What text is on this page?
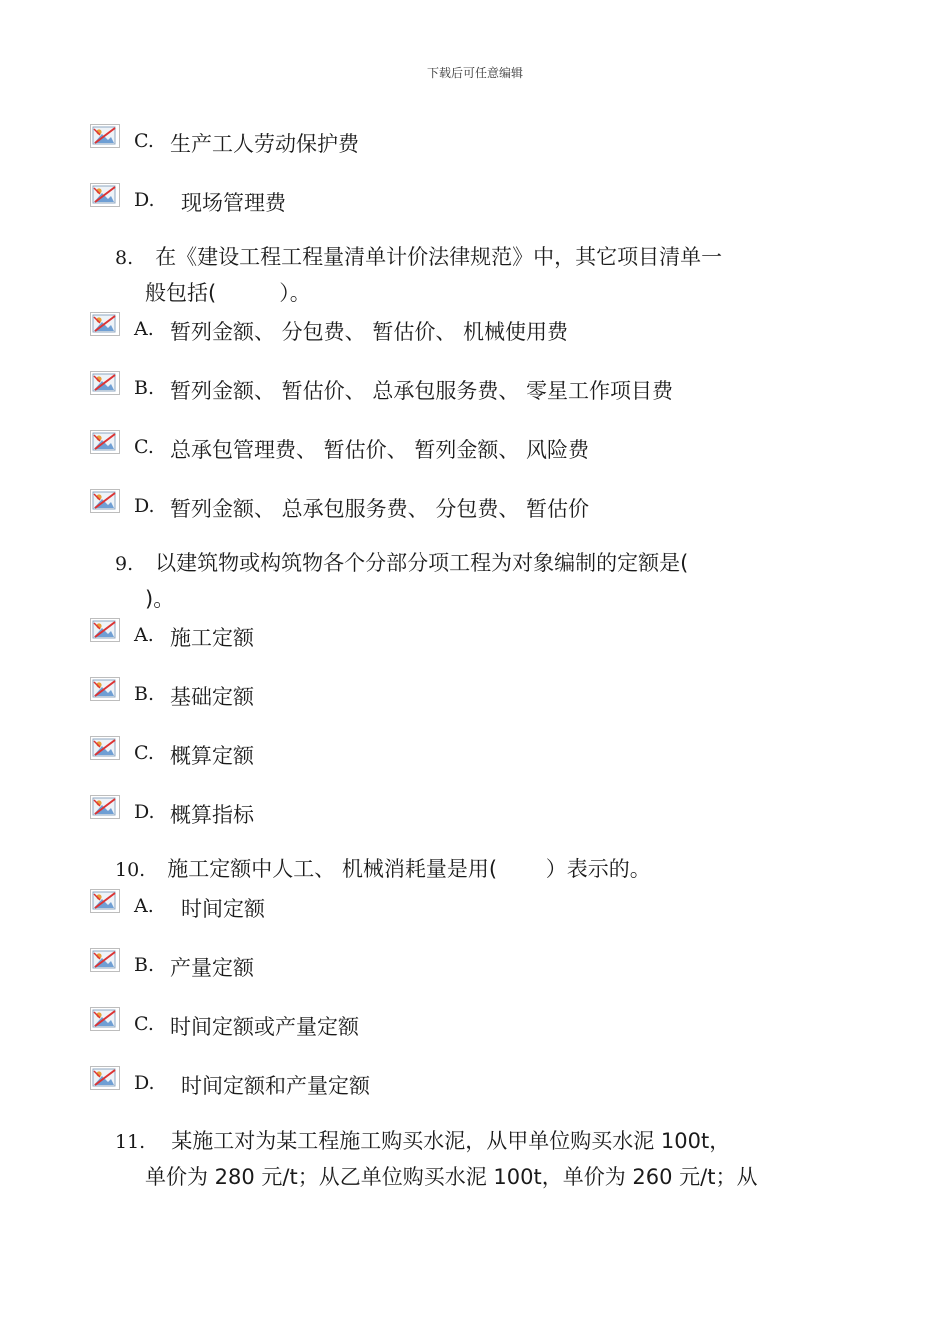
下载后可任意编辑
C. 生产工人劳动保护费
D. 现场管理费
8. 在《建设工程工程量清单计价法律规范》中，其它项目清单一
般包括(　　　）。
A. 暂列金额、 分包费、 暂估价、 机械使用费
B. 暂列金额、 暂估价、 总承包服务费、 零星工作项目费
C. 总承包管理费、 暂估价、 暂列金额、 风险费
D. 暂列金额、 总承包服务费、 分包费、 暂估价
9. 以建筑物或构筑物各个分部分项工程为对象编制的定额是(
)。
A. 施工定额
B. 基础定额
C. 概算定额
D. 概算指标
10. 施工定额中人工、 机械消耗量是用(　　 ）表示的。
A. 时间定额
B. 产量定额
C. 时间定额或产量定额
D. 时间定额和产量定额
11. 某施工对为某工程施工购买水泥，从甲单位购买水泥 100t，
单价为 280 元/t；从乙单位购买水泥 100t，单价为 260 元/t；从
